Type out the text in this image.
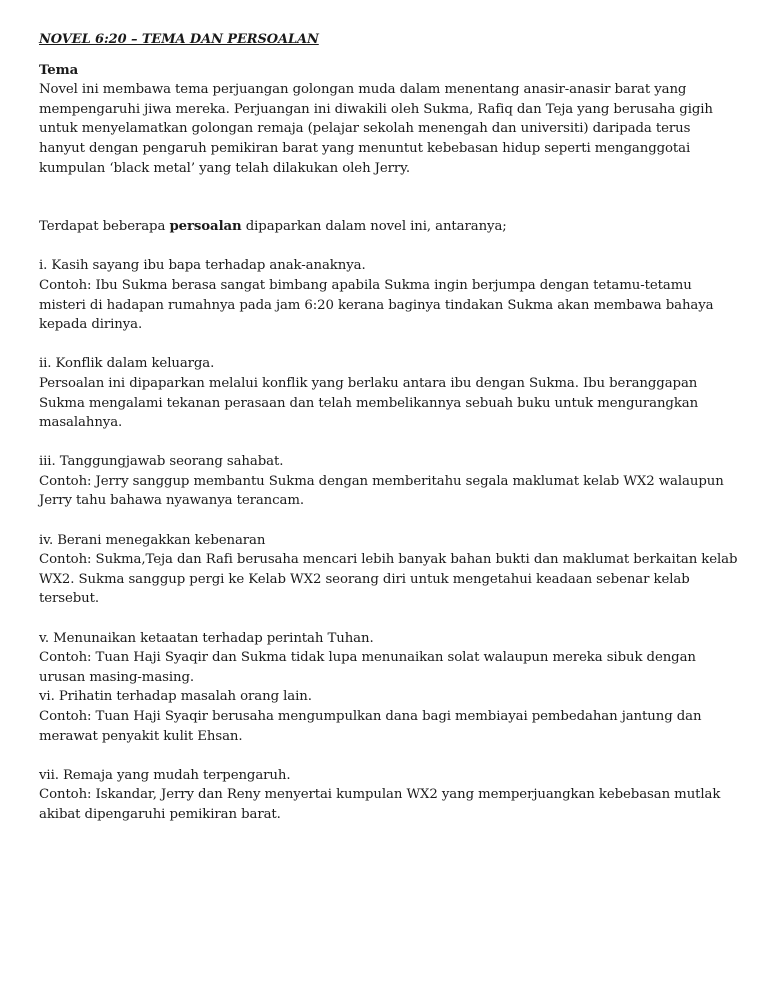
NOVEL 6:20 – TEMA DAN PERSOALAN

Tema

Novel ini membawa tema perjuangan golongan muda dalam menentang anasir-anasir barat yang mempengaruhi jiwa mereka. Perjuangan ini diwakili oleh Sukma, Rafiq dan Teja yang berusaha gigih untuk menyelamatkan golongan remaja (pelajar sekolah menengah dan universiti) daripada terus hanyut dengan pengaruh pemikiran barat yang menuntut kebebasan hidup seperti menganggotai kumpulan ‘black metal’ yang telah dilakukan oleh Jerry.

Terdapat beberapa persoalan dipaparkan dalam novel ini, antaranya;

i. Kasih sayang ibu bapa terhadap anak-anaknya.

Contoh: Ibu Sukma berasa sangat bimbang apabila Sukma ingin berjumpa dengan tetamu-tetamu misteri di hadapan rumahnya pada jam 6:20 kerana baginya tindakan Sukma akan membawa bahaya kepada dirinya.

ii. Konflik dalam keluarga.

Persoalan ini dipaparkan melalui konflik yang berlaku antara ibu dengan Sukma. Ibu beranggapan Sukma mengalami tekanan perasaan dan telah membelikannya sebuah buku untuk mengurangkan masalahnya.

iii. Tanggungjawab seorang sahabat.

Contoh: Jerry sanggup membantu Sukma dengan memberitahu segala maklumat kelab WX2 walaupun Jerry tahu bahawa nyawanya terancam.

iv. Berani menegakkan kebenaran

Contoh: Sukma,Teja dan Rafi berusaha mencari lebih banyak bahan bukti dan maklumat berkaitan kelab WX2. Sukma sanggup pergi ke Kelab WX2 seorang diri untuk mengetahui keadaan sebenar kelab tersebut.

v. Menunaikan ketaatan terhadap perintah Tuhan.

Contoh: Tuan Haji Syaqir dan Sukma tidak lupa menunaikan solat walaupun mereka sibuk dengan urusan masing-masing.

vi. Prihatin terhadap masalah orang lain.

Contoh: Tuan Haji Syaqir berusaha mengumpulkan dana bagi membiayai pembedahan jantung dan merawat penyakit kulit Ehsan.

vii. Remaja yang mudah terpengaruh.

Contoh: Iskandar, Jerry dan Reny menyertai kumpulan WX2 yang memperjuangkan kebebasan mutlak akibat dipengaruhi pemikiran barat.
